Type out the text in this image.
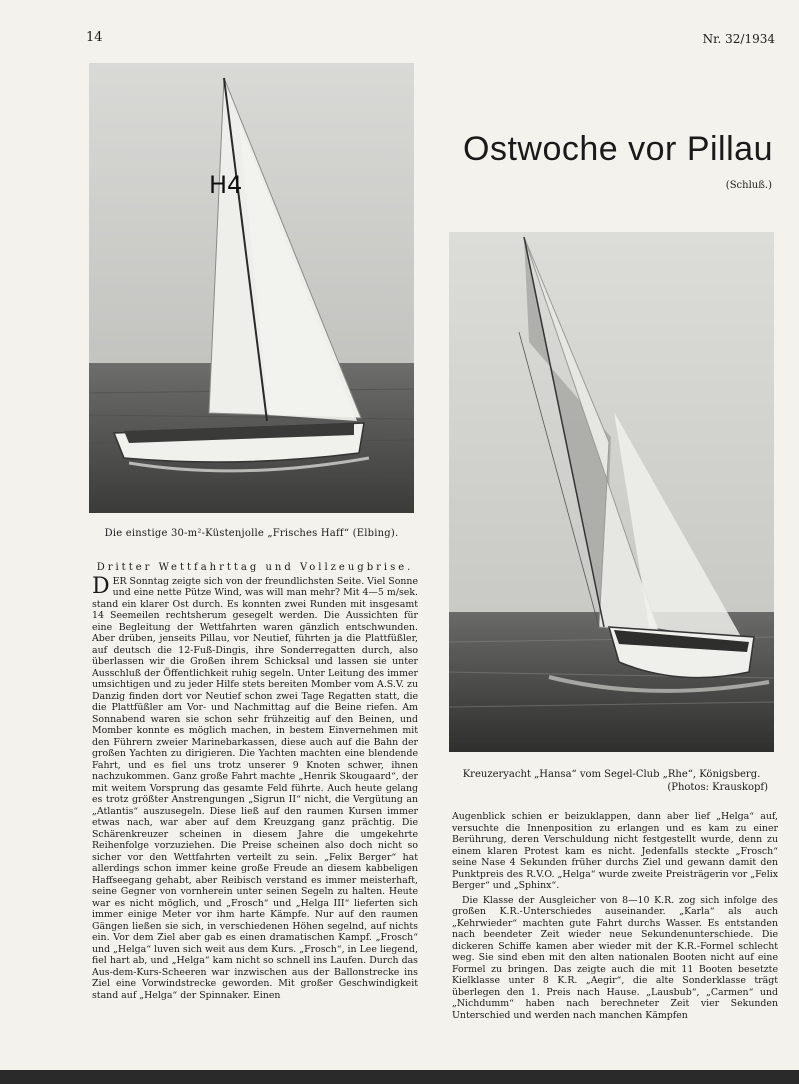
14	Nr. 32/1934
H4
Ostwoche vor Pillau
(Schluß.)
Die einstige 30-m²-Küstenjolle „Frisches Haff“ (Elbing).
Kreuzeryacht „Hansa“ vom Segel-Club „Rhe“, Königsberg.
(Photos: Krauskopf)
Dritter Wettfahrttag und Vollzeugbrise.

DER Sonntag zeigte sich von der freundlichsten Seite. Viel Sonne und eine nette Pütze Wind, was will man mehr? Mit 4—5 m/sek. stand ein klarer Ost durch. Es konnten zwei Runden mit insgesamt 14 Seemeilen rechtsherum gesegelt werden. Die Aussichten für eine Begleitung der Wettfahrten waren gänzlich entschwunden. Aber drüben, jenseits Pillau, vor Neutief, führten ja die Plattfüßler, auf deutsch die 12-Fuß-Dingis, ihre Sonderregatten durch, also überlassen wir die Großen ihrem Schicksal und lassen sie unter Ausschluß der Öffentlichkeit ruhig segeln. Unter Leitung des immer umsichtigen und zu jeder Hilfe stets bereiten Momber vom A.S.V. zu Danzig finden dort vor Neutief schon zwei Tage Regatten statt, die die Plattfüßler am Vor- und Nachmittag auf die Beine riefen. Am Sonnabend waren sie schon sehr frühzeitig auf den Beinen, und Momber konnte es möglich machen, in bestem Einvernehmen mit den Führern zweier Marinebarkassen, diese auch auf die Bahn der großen Yachten zu dirigieren. Die Yachten machten eine blendende Fahrt, und es fiel uns trotz unserer 9 Knoten schwer, ihnen nachzukommen. Ganz große Fahrt machte „Henrik Skougaard“, der mit weitem Vorsprung das gesamte Feld führte. Auch heute gelang es trotz größter Anstrengungen „Sigrun II“ nicht, die Vergütung an „Atlantis“ auszusegeln. Diese ließ auf den raumen Kursen immer etwas nach, war aber auf dem Kreuzgang ganz prächtig. Die Schärenkreuzer scheinen in diesem Jahre die umgekehrte Reihenfolge vorzuziehen. Die Preise scheinen also doch nicht so sicher vor den Wettfahrten verteilt zu sein. „Felix Berger“ hat allerdings schon immer keine große Freude an diesem kabbeligen Haffseegang gehabt, aber Reibisch verstand es immer meisterhaft, seine Gegner von vornherein unter seinen Segeln zu halten. Heute war es nicht möglich, und „Frosch“ und „Helga III“ lieferten sich immer einige Meter vor ihm harte Kämpfe. Nur auf den raumen Gängen ließen sie sich, in verschiedenen Höhen segelnd, auf nichts ein. Vor dem Ziel aber gab es einen dramatischen Kampf. „Frosch“ und „Helga“ luven sich weit aus dem Kurs. „Frosch“, in Lee liegend, fiel hart ab, und „Helga“ kam nicht so schnell ins Laufen. Durch das Aus-dem-Kurs-Scheeren war inzwischen aus der Ballonstrecke ins Ziel eine Vorwindstrecke geworden. Mit großer Geschwindigkeit stand auf „Helga“ der Spinnaker. Einen

Augenblick schien er beizuklappen, dann aber lief „Helga“ auf, versuchte die Innenposition zu erlangen und es kam zu einer Berührung, deren Verschuldung nicht festgestellt wurde, denn zu einem klaren Protest kam es nicht. Jedenfalls steckte „Frosch“ seine Nase 4 Sekunden früher durchs Ziel und gewann damit den Punktpreis des R.V.O. „Helga“ wurde zweite Preisträgerin vor „Felix Berger“ und „Sphinx“.

Die Klasse der Ausgleicher von 8—10 K.R. zog sich infolge des großen K.R.-Unterschiedes auseinander. „Karla“ als auch „Kehrwieder“ machten gute Fahrt durchs Wasser. Es entstanden nach beendeter Zeit wieder neue Sekundenunterschiede. Die dickeren Schiffe kamen aber wieder mit der K.R.-Formel schlecht weg. Sie sind eben mit den alten nationalen Booten nicht auf eine Formel zu bringen. Das zeigte auch die mit 11 Booten besetzte Kielklasse unter 8 K.R. „Aegir“, die alte Sonderklasse trägt überlegen den 1. Preis nach Hause. „Lausbub“, „Carmen“ und „Nichdumm“ haben nach berechneter Zeit vier Sekunden Unterschied und werden nach manchen Kämpfen
